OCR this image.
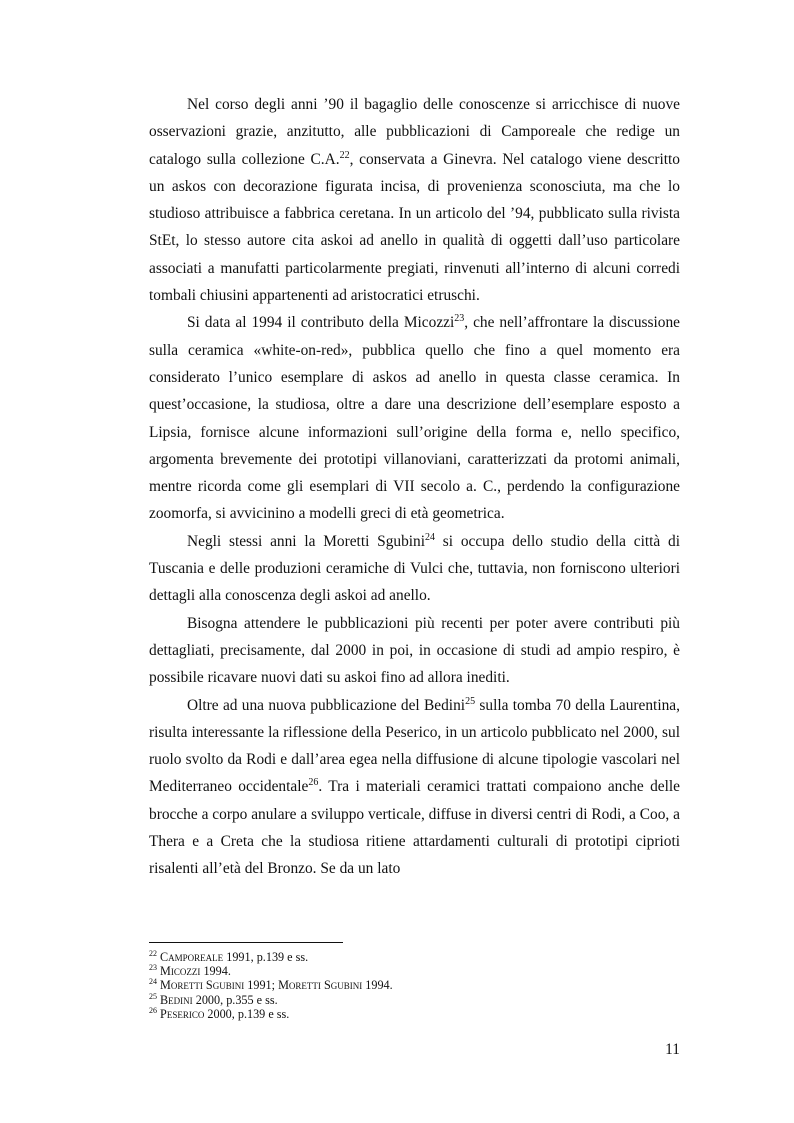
Nel corso degli anni ’90 il bagaglio delle conoscenze si arricchisce di nuove osservazioni grazie, anzitutto, alle pubblicazioni di Camporeale che redige un catalogo sulla collezione C.A.$^{22}$, conservata a Ginevra. Nel catalogo viene descritto un askos con decorazione figurata incisa, di provenienza sconosciuta, ma che lo studioso attribuisce a fabbrica ceretana. In un articolo del ’94, pubblicato sulla rivista StEt, lo stesso autore cita askoi ad anello in qualità di oggetti dall’uso particolare associati a manufatti particolarmente pregiati, rinvenuti all’interno di alcuni corredi tombali chiusini appartenenti ad aristocratici etruschi.

Si data al 1994 il contributo della Micozzi$^{23}$, che nell’affrontare la discussione sulla ceramica «white-on-red», pubblica quello che fino a quel momento era considerato l’unico esemplare di askos ad anello in questa classe ceramica. In quest’occasione, la studiosa, oltre a dare una descrizione dell’esemplare esposto a Lipsia, fornisce alcune informazioni sull’origine della forma e, nello specifico, argomenta brevemente dei prototipi villanoviani, caratterizzati da protomi animali, mentre ricorda come gli esemplari di VII secolo a. C., perdendo la configurazione zoomorfa, si avvicinino a modelli greci di età geometrica.

Negli stessi anni la Moretti Sgubini$^{24}$ si occupa dello studio della città di Tuscania e delle produzioni ceramiche di Vulci che, tuttavia, non forniscono ulteriori dettagli alla conoscenza degli askoi ad anello.

Bisogna attendere le pubblicazioni più recenti per poter avere contributi più dettagliati, precisamente, dal 2000 in poi, in occasione di studi ad ampio respiro, è possibile ricavare nuovi dati su askoi fino ad allora inediti.

Oltre ad una nuova pubblicazione del Bedini$^{25}$ sulla tomba 70 della Laurentina, risulta interessante la riflessione della Peserico, in un articolo pubblicato nel 2000, sul ruolo svolto da Rodi e dall’area egea nella diffusione di alcune tipologie vascolari nel Mediterraneo occidentale$^{26}$. Tra i materiali ceramici trattati compaiono anche delle brocche a corpo anulare a sviluppo verticale, diffuse in diversi centri di Rodi, a Coo, a Thera e a Creta che la studiosa ritiene attardamenti culturali di prototipi ciprioti risalenti all’età del Bronzo. Se da un lato

$^{22}$ Camporeale 1991, p.139 e ss.
$^{23}$ Micozzi 1994.
$^{24}$ Moretti Sgubini 1991; Moretti Sgubini 1994.
$^{25}$ Bedini 2000, p.355 e ss.
$^{26}$ Peserico 2000, p.139 e ss.
11
